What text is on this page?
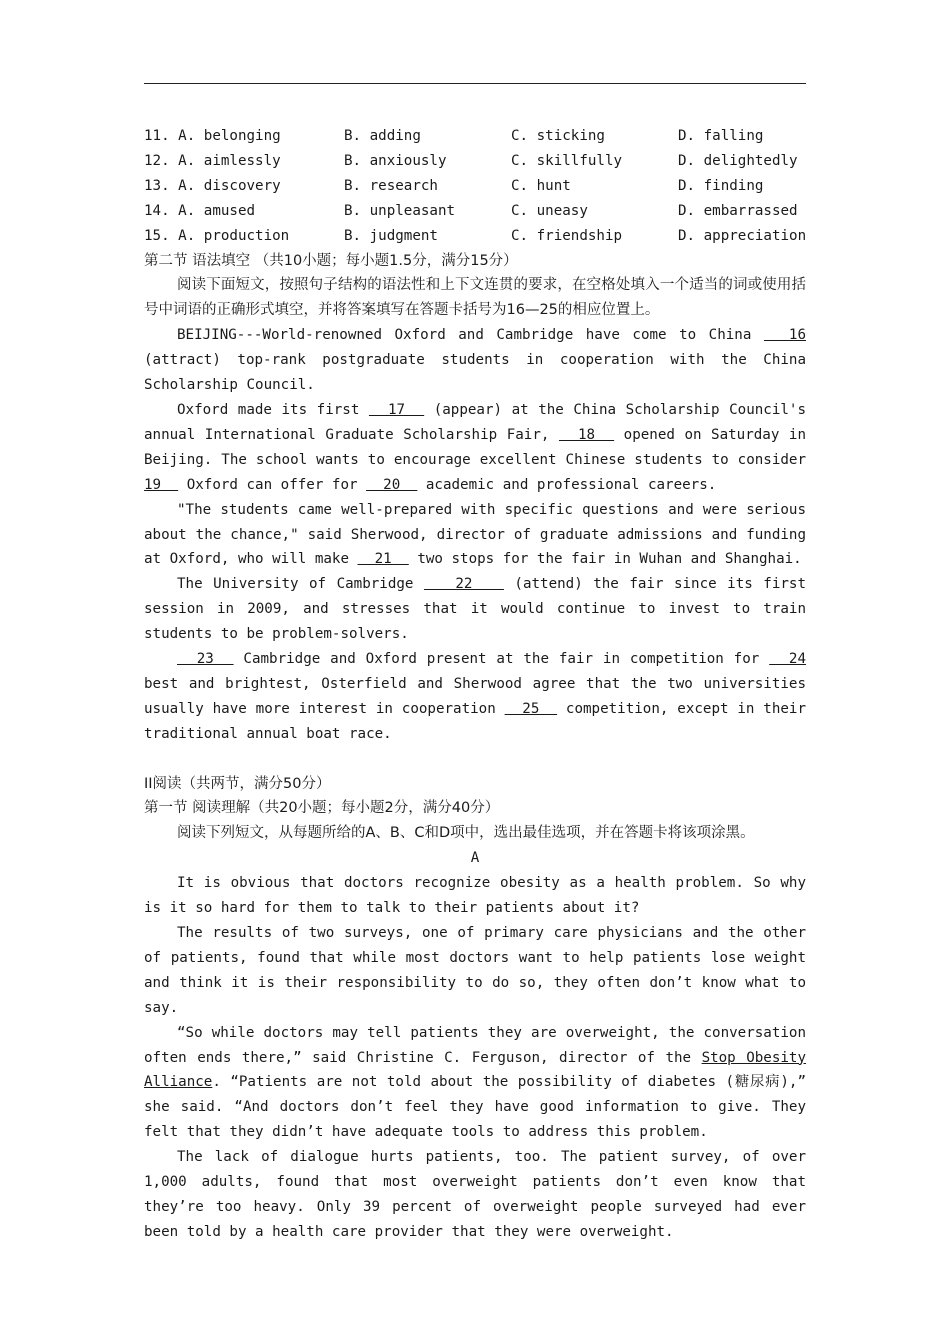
11. A. belonging	B. adding	C. sticking	D. falling
12. A. aimlessly	B. anxiously	C. skillfully	D. delightedly
13. A. discovery	B. research	C. hunt	D. finding
14. A. amused	B. unpleasant	C. uneasy	D. embarrassed
15. A. production	B. judgment	C. friendship	D. appreciation
第二节 语法填空 （共10小题；每小题1.5分，满分15分）

阅读下面短文，按照句子结构的语法性和上下文连贯的要求，在空格处填入一个适当的词或使用括号中词语的正确形式填空，并将答案填写在答题卡括号为16—25的相应位置上。

BEIJING---World-renowned Oxford and Cambridge have come to China   16 (attract) top-rank postgraduate students in cooperation with the China Scholarship Council.

Oxford made its first   17   (appear) at the China Scholarship Council's annual International Graduate Scholarship Fair,   18   opened on Saturday in Beijing. The school wants to encourage excellent Chinese students to consider 19   Oxford can offer for   20   academic and professional careers.

"The students came well-prepared with specific questions and were serious about the chance," said Sherwood, director of graduate admissions and funding at Oxford, who will make   21   two stops for the fair in Wuhan and Shanghai.

The University of Cambridge    22    (attend) the fair since its first session in 2009, and stresses that it would continue to invest to train students to be problem-solvers.

23   Cambridge and Oxford present at the fair in competition for   24 best and brightest, Osterfield and Sherwood agree that the two universities usually have more interest in cooperation   25   competition, except in their traditional annual boat race.

II阅读（共两节，满分50分）
第一节 阅读理解（共20小题；每小题2分，满分40分）

阅读下列短文，从每题所给的A、B、C和D项中，选出最佳选项，并在答题卡将该项涂黑。

A

It is obvious that doctors recognize obesity as a health problem. So why is it so hard for them to talk to their patients about it?

The results of two surveys, one of primary care physicians and the other of patients, found that while most doctors want to help patients lose weight and think it is their responsibility to do so, they often don’t know what to say.

“So while doctors may tell patients they are overweight, the conversation often ends there,” said Christine C. Ferguson, director of the Stop Obesity Alliance. “Patients are not told about the possibility of diabetes (糖尿病),” she said. “And doctors don’t feel they have good information to give. They felt that they didn’t have adequate tools to address this problem.

The lack of dialogue hurts patients, too. The patient survey, of over 1,000 adults, found that most overweight patients don’t even know that they’re too heavy. Only 39 percent of overweight people surveyed had ever been told by a health care provider that they were overweight.
